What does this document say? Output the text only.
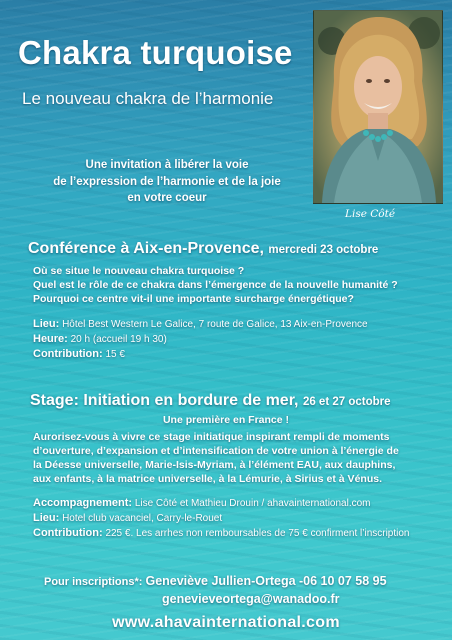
Chakra turquoise
Le nouveau chakra de l’harmonie
Une invitation à libérer la voie
de l’expression de l’harmonie et de la joie
en votre coeur
Lise Côté
Conférence à Aix-en-Provence, mercredi 23 octobre
Où se situe le nouveau chakra turquoise ?
Quel est le rôle de ce chakra dans l’émergence de la nouvelle humanité ?
Pourquoi ce centre vit-il une importante surcharge énergétique?
Lieu: Hôtel Best Western Le Galice, 7 route de Galice, 13 Aix-en-Provence
Heure: 20 h (accueil 19 h 30)
Contribution: 15 €
Stage: Initiation en bordure de mer, 26 et 27 octobre
Une première en France !
Aurorisez-vous à vivre ce stage initiatique inspirant rempli de moments
d’ouverture, d’expansion et d’intensification de votre union à l’énergie de
la Déesse universelle, Marie-Isis-Myriam, à l’élément EAU, aux dauphins,
aux enfants, à la matrice universelle, à la Lémurie, à Sirius et à Vénus.
Accompagnement: Lise Côté et Mathieu Drouin / ahavainternational.com
Lieu: Hotel club vacanciel, Carry-le-Rouet
Contribution: 225 €. Les arrhes non remboursables de 75 € confirment l’inscription
Pour inscriptions*: Geneviève Jullien-Ortega -06 10 07 58 95
genevieveortega@wanadoo.fr
www.ahavainternational.com
